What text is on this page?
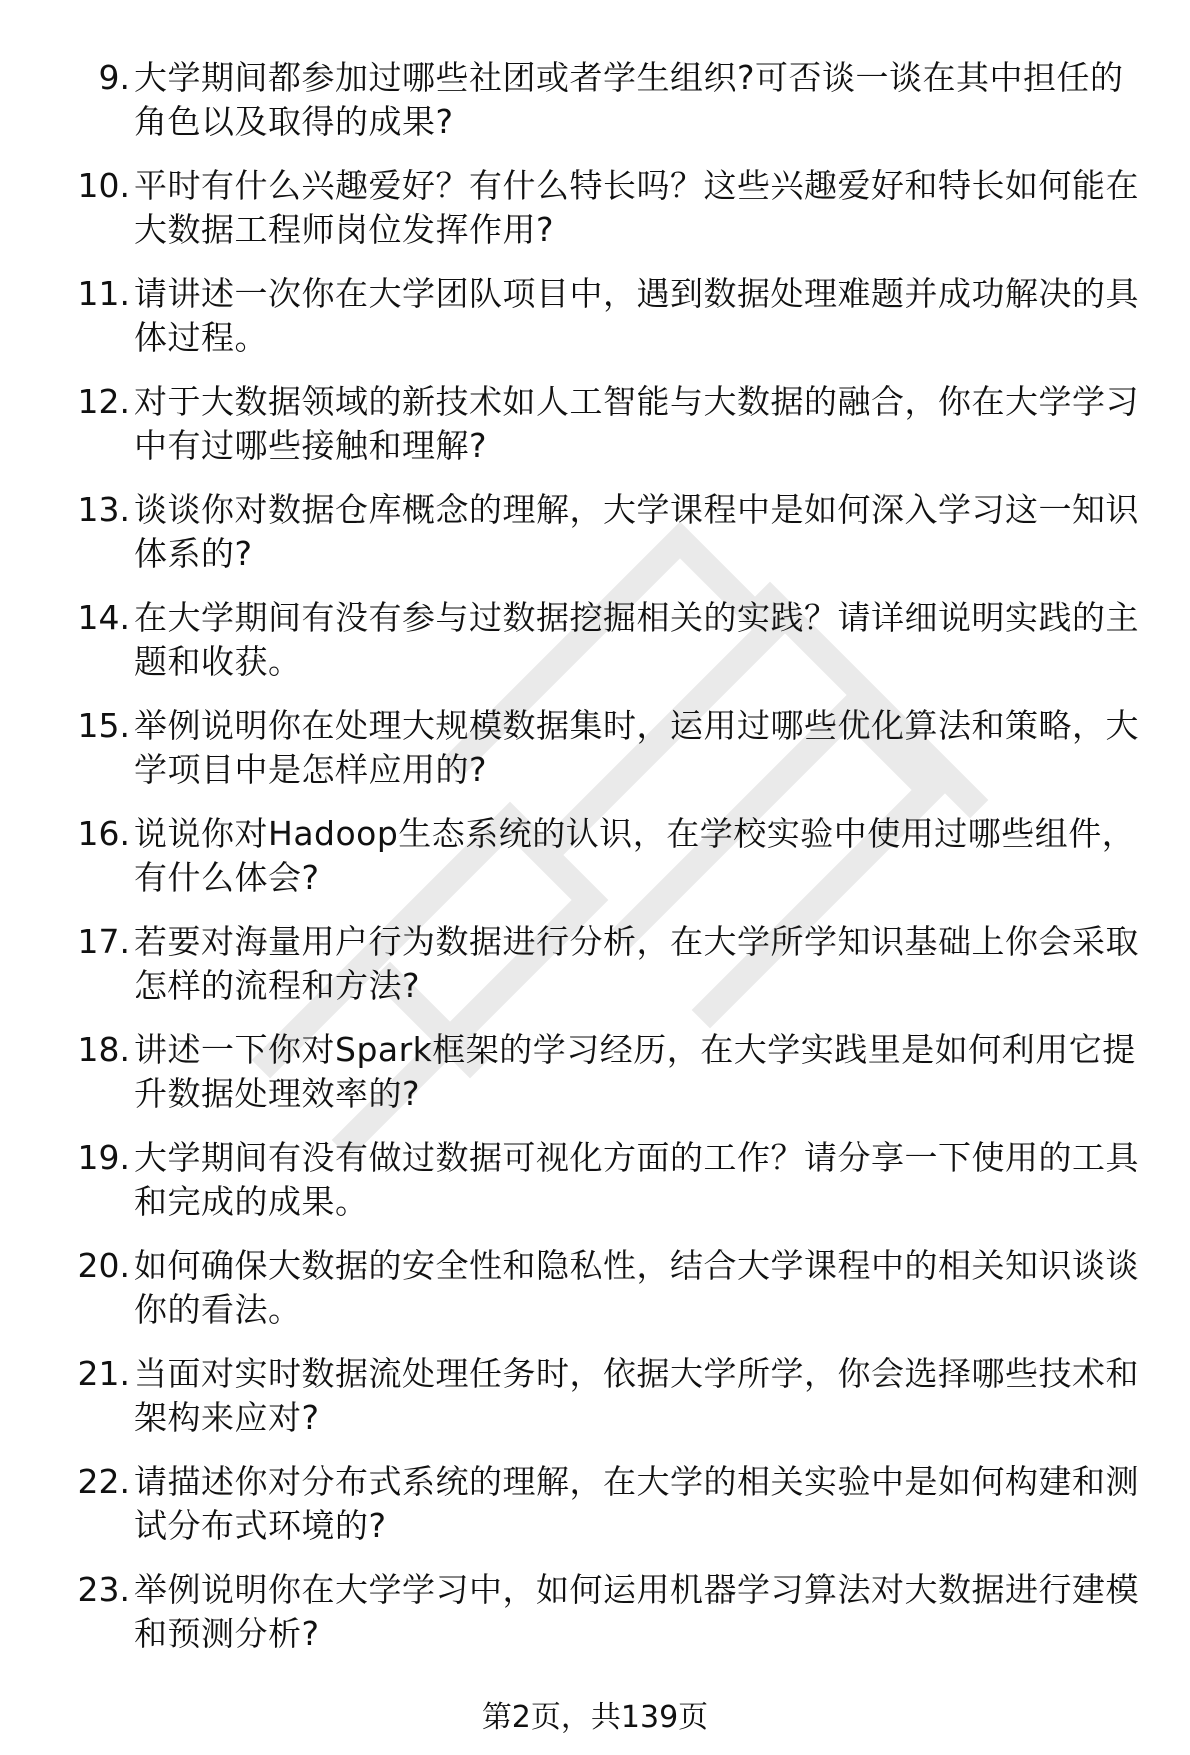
9. 大学期间都参加过哪些社团或者学生组织?可否谈一谈在其中担任的角色以及取得的成果?
10. 平时有什么兴趣爱好？有什么特长吗？这些兴趣爱好和特长如何能在大数据工程师岗位发挥作用?
11. 请讲述一次你在大学团队项目中，遇到数据处理难题并成功解决的具体过程。
12. 对于大数据领域的新技术如人工智能与大数据的融合，你在大学学习中有过哪些接触和理解?
13. 谈谈你对数据仓库概念的理解，大学课程中是如何深入学习这一知识体系的?
14. 在大学期间有没有参与过数据挖掘相关的实践？请详细说明实践的主题和收获。
15. 举例说明你在处理大规模数据集时，运用过哪些优化算法和策略，大学项目中是怎样应用的?
16. 说说你对Hadoop生态系统的认识，在学校实验中使用过哪些组件，有什么体会?
17. 若要对海量用户行为数据进行分析，在大学所学知识基础上你会采取怎样的流程和方法?
18. 讲述一下你对Spark框架的学习经历，在大学实践里是如何利用它提升数据处理效率的?
19. 大学期间有没有做过数据可视化方面的工作？请分享一下使用的工具和完成的成果。
20. 如何确保大数据的安全性和隐私性，结合大学课程中的相关知识谈谈你的看法。
21. 当面对实时数据流处理任务时，依据大学所学，你会选择哪些技术和架构来应对?
22. 请描述你对分布式系统的理解，在大学的相关实验中是如何构建和测试分布式环境的?
23. 举例说明你在大学学习中，如何运用机器学习算法对大数据进行建模和预测分析?
第2页，共139页
